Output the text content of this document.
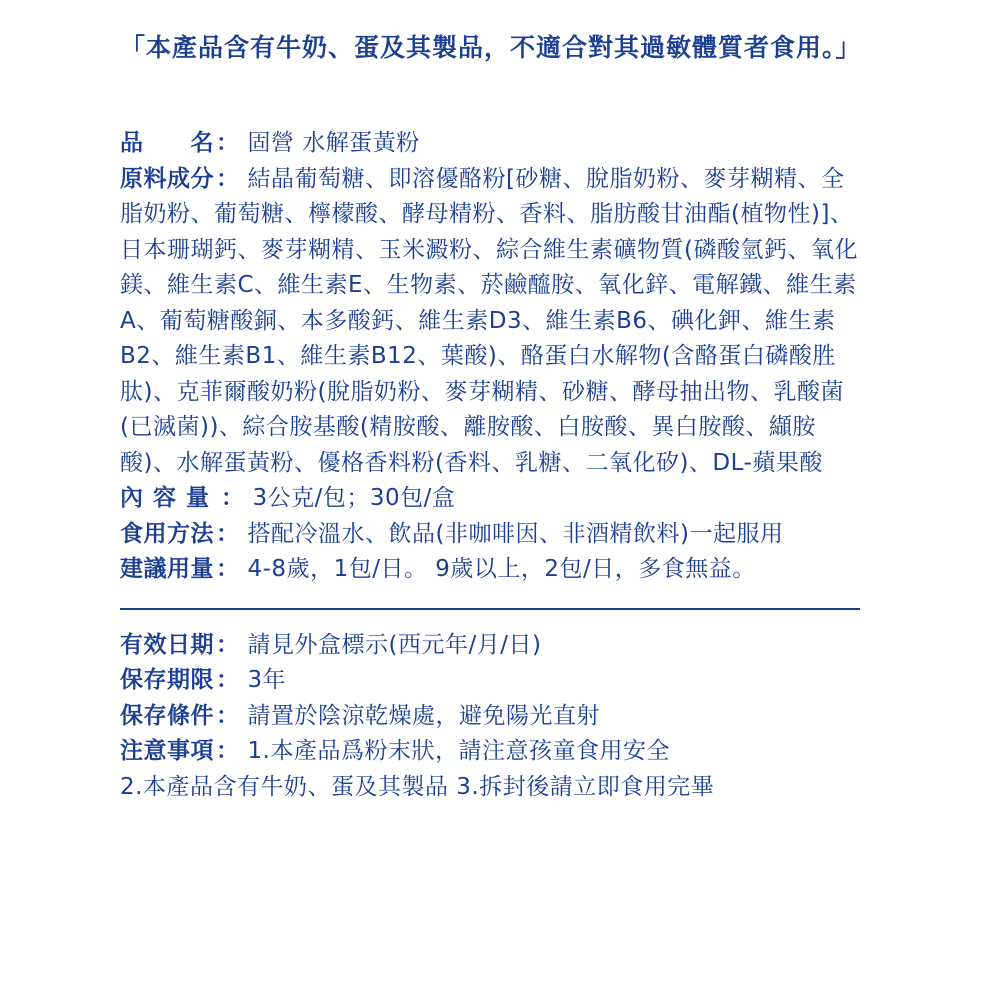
「本產品含有牛奶、蛋及其製品，不適合對其過敏體質者食用。」

品　　名： 固營 水解蛋黃粉

原料成分： 結晶葡萄糖、即溶優酪粉[砂糖、脫脂奶粉、麥芽糊精、全脂奶粉、葡萄糖、檸檬酸、酵母精粉、香料、脂肪酸甘油酯(植物性)]、日本珊瑚鈣、麥芽糊精、玉米澱粉、綜合維生素礦物質(磷酸氫鈣、氧化鎂、維生素C、維生素E、生物素、菸鹼醯胺、氧化鋅、電解鐵、維生素A、葡萄糖酸銅、本多酸鈣、維生素D3、維生素B6、碘化鉀、維生素B2、維生素B1、維生素B12、葉酸)、酪蛋白水解物(含酪蛋白磷酸胜肽)、克菲爾酸奶粉(脫脂奶粉、麥芽糊精、砂糖、酵母抽出物、乳酸菌(已滅菌))、綜合胺基酸(精胺酸、離胺酸、白胺酸、異白胺酸、纈胺酸)、水解蛋黃粉、優格香料粉(香料、乳糖、二氧化矽)、DL-蘋果酸

內容量： 3公克/包；30包/盒

食用方法： 搭配冷溫水、飲品(非咖啡因、非酒精飲料)一起服用

建議用量： 4-8歲，1包/日。 9歲以上，2包/日，多食無益。

有效日期： 請見外盒標示(西元年/月/日)

保存期限： 3年

保存條件： 請置於陰涼乾燥處，避免陽光直射

注意事項： 1.本產品爲粉末狀，請注意孩童食用安全

2.本產品含有牛奶、蛋及其製品 3.拆封後請立即食用完畢
